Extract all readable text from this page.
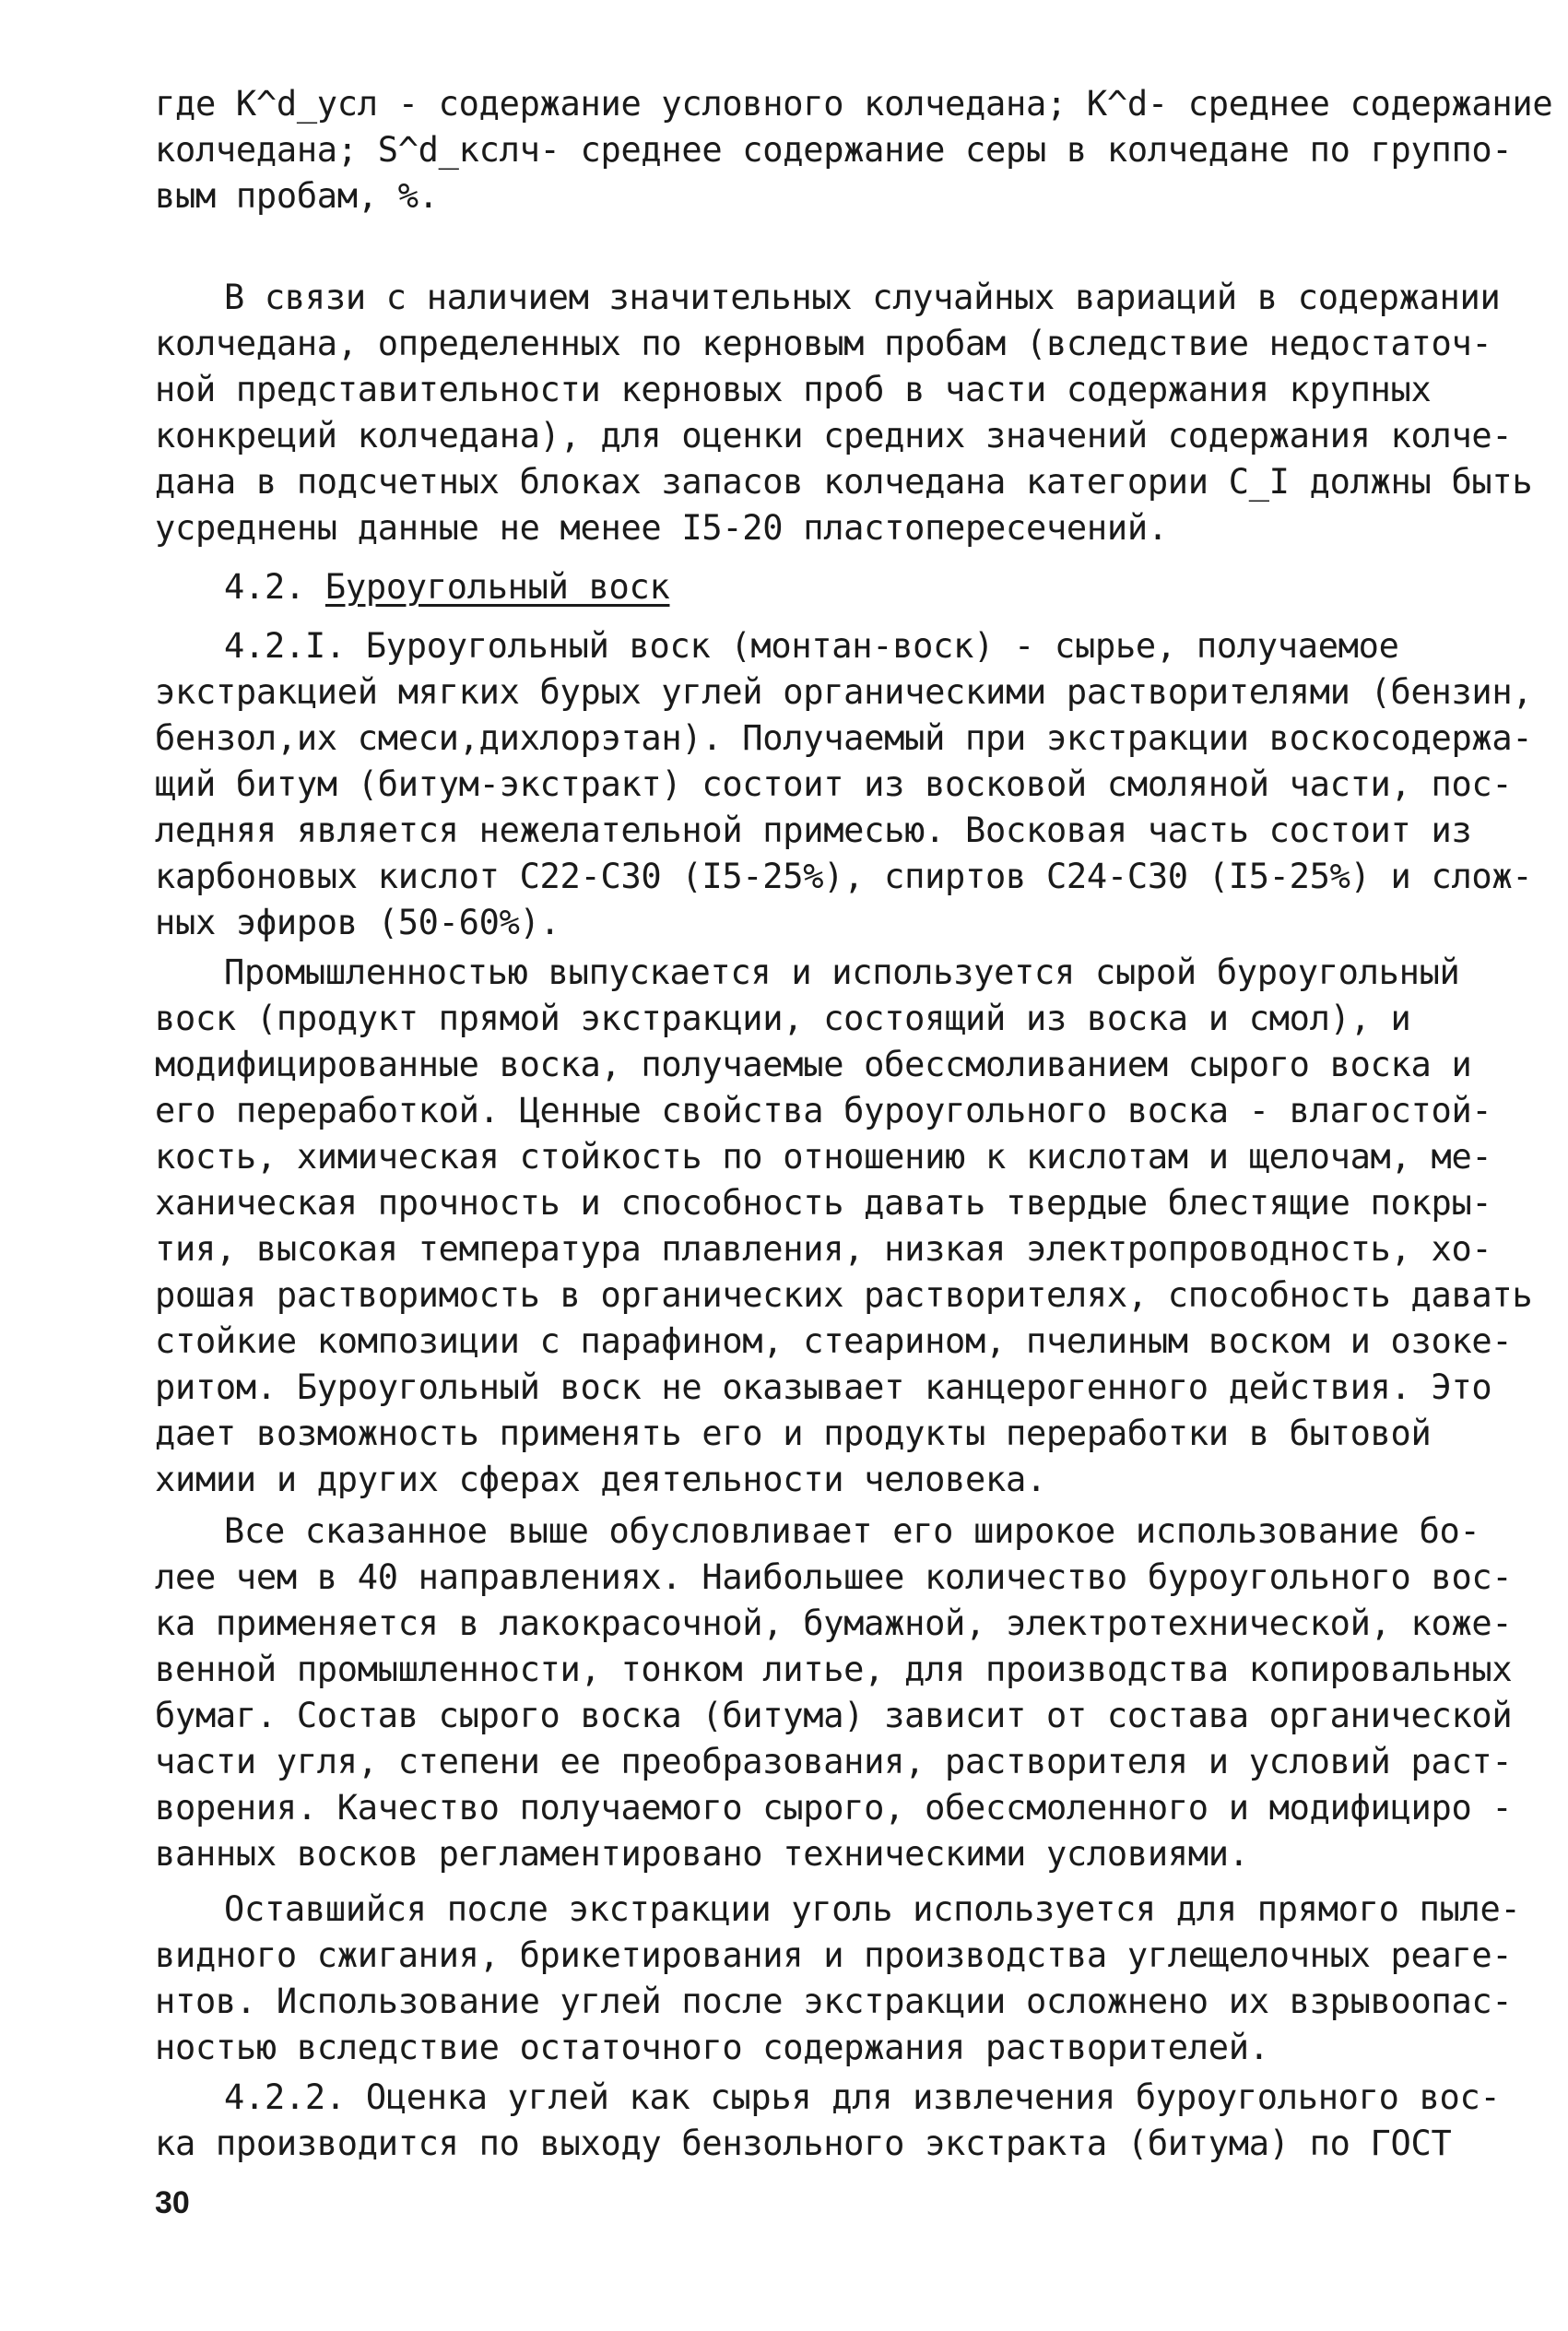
где K^d_усл - содержание условного колчедана; K^d- среднее содержание
колчедана; S^d_кслч- среднее содержание серы в колчедане по группо-
вым пробам, %.
В связи с наличием значительных случайных вариаций в содержании
колчедана, определенных по керновым пробам (вследствие недостаточ-
ной представительности керновых проб в части содержания крупных
конкреций колчедана), для оценки средних значений содержания колче-
дана в подсчетных блоках запасов колчедана категории C_I должны быть
усреднены данные не менее I5-20 пластопересечений.
4.2. Буроугольный воск
4.2.I. Буроугольный воск (монтан-воск) - сырье, получаемое
экстракцией мягких бурых углей органическими растворителями (бензин,
бензол,их смеси,дихлорэтан). Получаемый при экстракции воскосодержа-
щий битум (битум-экстракт) состоит из восковой смоляной части, пос-
ледняя является нежелательной примесью. Восковая часть состоит из
карбоновых кислот C22-C30 (I5-25%), спиртов C24-C30 (I5-25%) и слож-
ных эфиров (50-60%).
Промышленностью выпускается и используется сырой буроугольный
воск (продукт прямой экстракции, состоящий из воска и смол), и
модифицированные воска, получаемые обессмоливанием сырого воска и
его переработкой. Ценные свойства буроугольного воска - влагостой-
кость, химическая стойкость по отношению к кислотам и щелочам, ме-
ханическая прочность и способность давать твердые блестящие покры-
тия, высокая температура плавления, низкая электропроводность, хо-
рошая растворимость в органических растворителях, способность давать
стойкие композиции с парафином, стеарином, пчелиным воском и озоке-
ритом. Буроугольный воск не оказывает канцерогенного действия. Это
дает возможность применять его и продукты переработки в бытовой
химии и других сферах деятельности человека.
Все сказанное выше обусловливает его широкое использование бо-
лее чем в 40 направлениях. Наибольшее количество буроугольного вос-
ка применяется в лакокрасочной, бумажной, электротехнической, коже-
венной промышленности, тонком литье, для производства копировальных
бумаг. Состав сырого воска (битума) зависит от состава органической
части угля, степени ее преобразования, растворителя и условий раст-
ворения. Качество получаемого сырого, обессмоленного и модифициро -
ванных восков регламентировано техническими условиями.
Оставшийся после экстракции уголь используется для прямого пыле-
видного сжигания, брикетирования и производства углещелочных реаге-
нтов. Использование углей после экстракции осложнено их взрывоопас-
ностью вследствие остаточного содержания растворителей.
4.2.2. Оценка углей как сырья для извлечения буроугольного вос-
ка производится по выходу бензольного экстракта (битума) по ГОСТ
30
